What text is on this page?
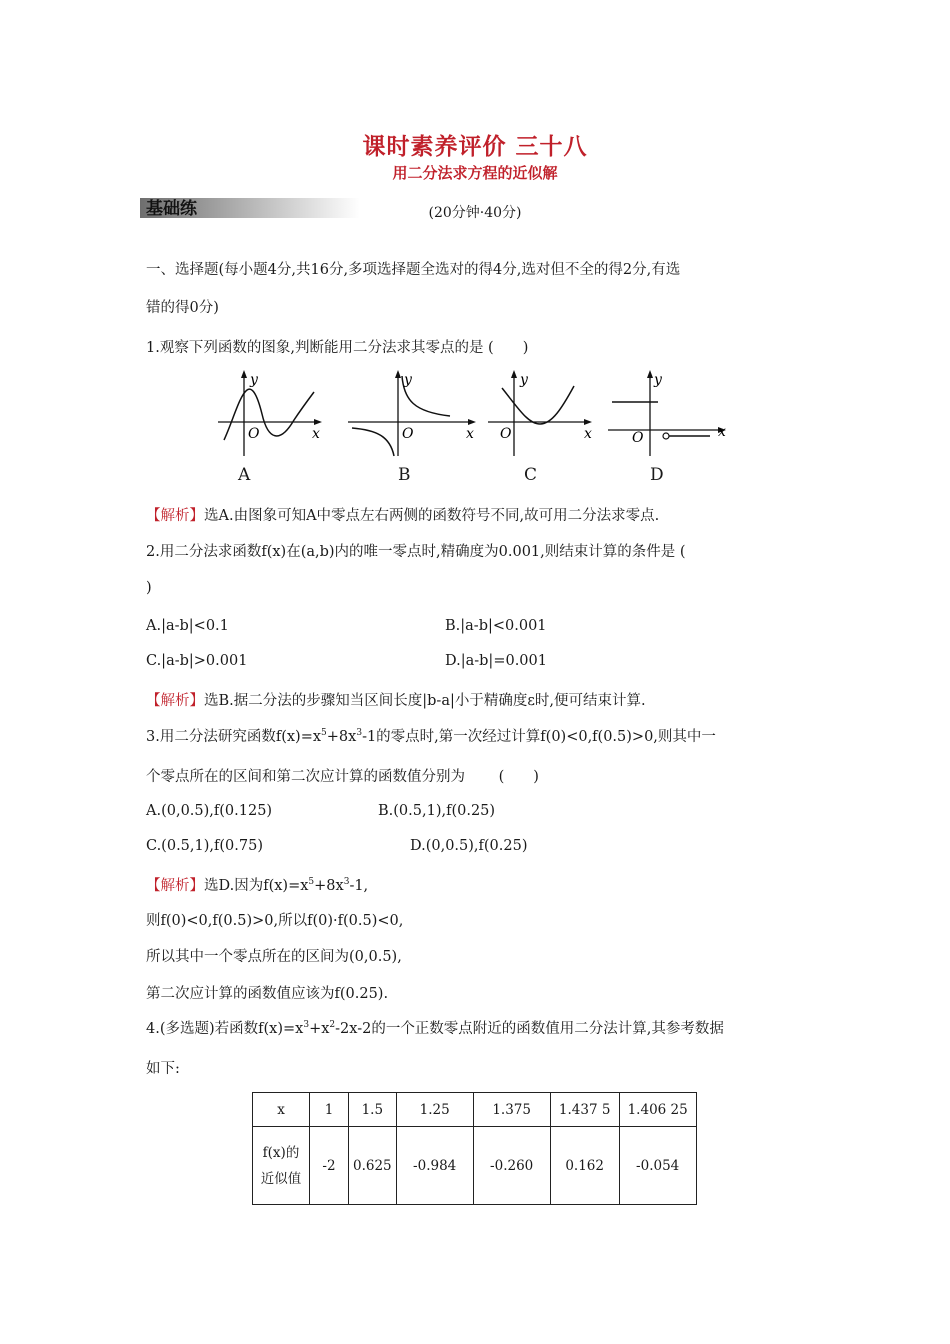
课时素养评价 三十八
用二分法求方程的近似解
基础练	(20分钟·40分)
一、选择题(每小题4分,共16分,多项选择题全选对的得4分,选对但不全的得2分,有选
错的得0分)
1.观察下列函数的图象,判断能用二分法求其零点的是 (　　)
y
O	x
y
O	x
y
O	x
y
O	x
A	B	C	D
【解析】选A.由图象可知A中零点左右两侧的函数符号不同,故可用二分法求零点.
2.用二分法求函数f(x)在(a,b)内的唯一零点时,精确度为0.001,则结束计算的条件是 (
)
A.|a-b|<0.1	B.|a-b|<0.001
C.|a-b|>0.001	D.|a-b|=0.001
【解析】选B.据二分法的步骤知当区间长度|b-a|小于精确度ε时,便可结束计算.
3.用二分法研究函数$f(x)=x^5+8x^3-1$的零点时,第一次经过计算f(0)<0,f(0.5)>0,则其中一
个零点所在的区间和第二次应计算的函数值分别为 　　(　　)
A.(0,0.5),f(0.125)	B.(0.5,1),f(0.25)
C.(0.5,1),f(0.75)	D.(0,0.5),f(0.25)
【解析】选D.因为$f(x)=x^5+8x^3-1$,
则f(0)<0,f(0.5)>0,所以f(0)·f(0.5)<0,
所以其中一个零点所在的区间为(0,0.5),
第二次应计算的函数值应该为f(0.25).
4.(多选题)若函数$f(x)=x^3+x^2-2x-2$的一个正数零点附近的函数值用二分法计算,其参考数据
如下:
x	1	1.5	1.25	1.375	1.437 5	1.406 25
f(x)的
近似值	-2	0.625	-0.984	-0.260	0.162	-0.054
